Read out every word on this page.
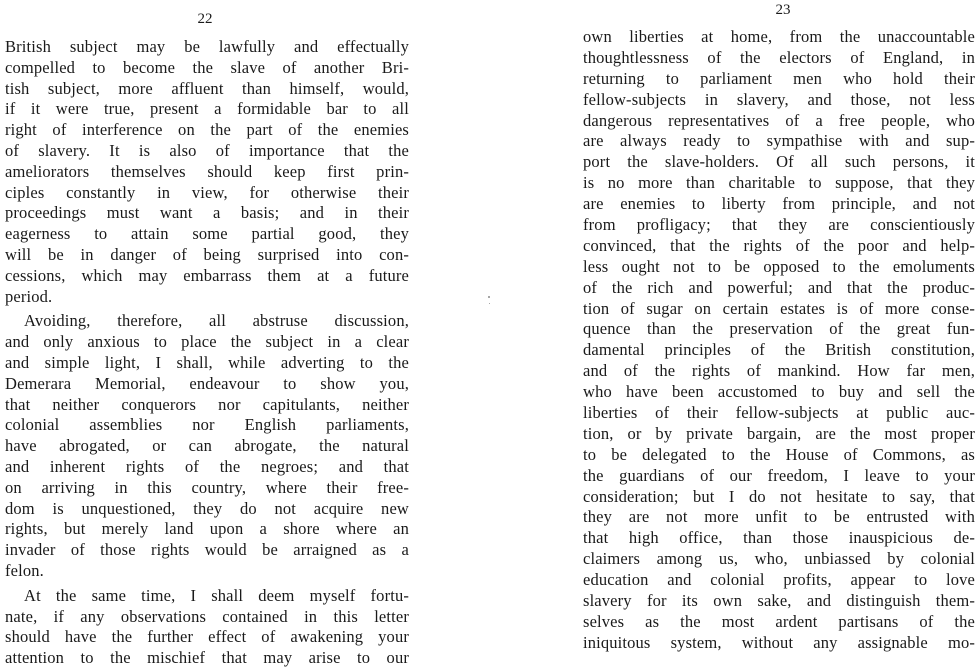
22
British subject may be lawfully and effectually
compelled to become the slave of another Bri-
tish subject, more affluent than himself, would,
if it were true, present a formidable bar to all
right of interference on the part of the enemies
of slavery. It is also of importance that the
ameliorators themselves should keep first prin-
ciples constantly in view, for otherwise their
proceedings must want a basis; and in their
eagerness to attain some partial good, they
will be in danger of being surprised into con-
cessions, which may embarrass them at a future
period.
Avoiding, therefore, all abstruse discussion,
and only anxious to place the subject in a clear
and simple light, I shall, while adverting to the
Demerara Memorial, endeavour to show you,
that neither conquerors nor capitulants, neither
colonial assemblies nor English parliaments,
have abrogated, or can abrogate, the natural
and inherent rights of the negroes; and that
on arriving in this country, where their free-
dom is unquestioned, they do not acquire new
rights, but merely land upon a shore where an
invader of those rights would be arraigned as a
felon.
At the same time, I shall deem myself fortu-
nate, if any observations contained in this letter
should have the further effect of awakening your
attention to the mischief that may arise to our
23
own liberties at home, from the unaccountable
thoughtlessness of the electors of England, in
returning to parliament men who hold their
fellow-subjects in slavery, and those, not less
dangerous representatives of a free people, who
are always ready to sympathise with and sup-
port the slave-holders. Of all such persons, it
is no more than charitable to suppose, that they
are enemies to liberty from principle, and not
from profligacy; that they are conscientiously
convinced, that the rights of the poor and help-
less ought not to be opposed to the emoluments
of the rich and powerful; and that the produc-
tion of sugar on certain estates is of more conse-
quence than the preservation of the great fun-
damental principles of the British constitution,
and of the rights of mankind. How far men,
who have been accustomed to buy and sell the
liberties of their fellow-subjects at public auc-
tion, or by private bargain, are the most proper
to be delegated to the House of Commons, as
the guardians of our freedom, I leave to your
consideration; but I do not hesitate to say, that
they are not more unfit to be entrusted with
that high office, than those inauspicious de-
claimers among us, who, unbiassed by colonial
education and colonial profits, appear to love
slavery for its own sake, and distinguish them-
selves as the most ardent partisans of the
iniquitous system, without any assignable mo-
